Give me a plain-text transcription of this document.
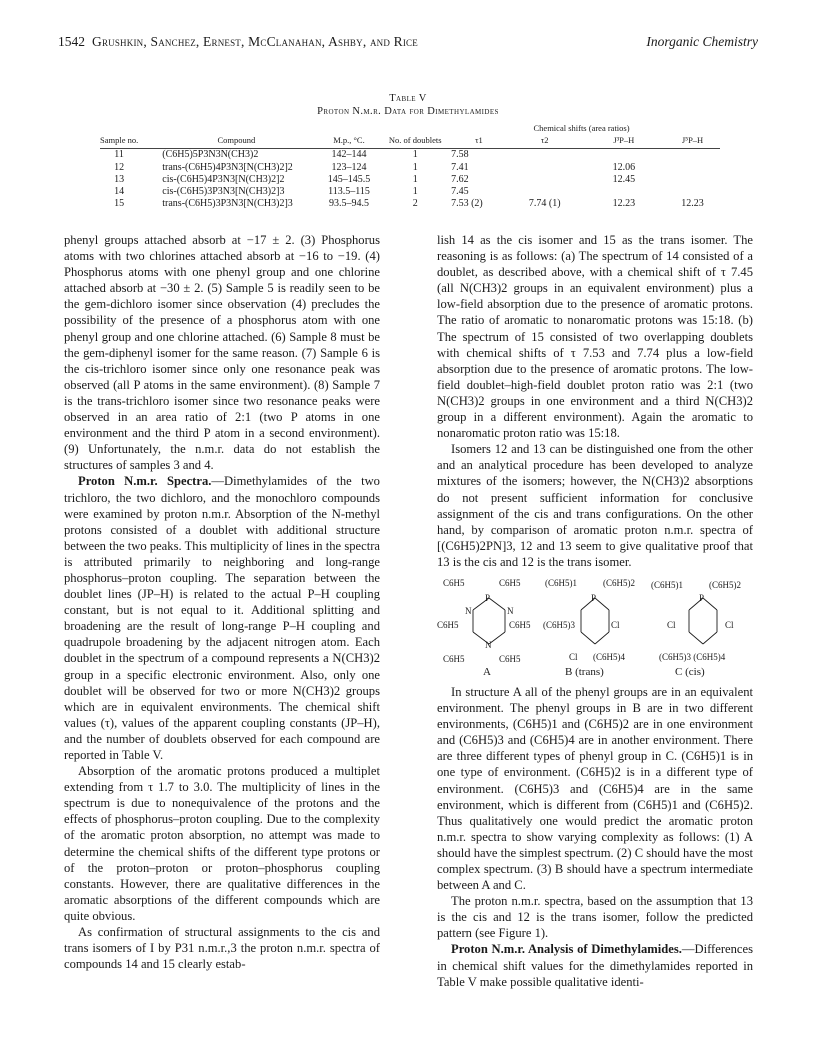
1542 Grushkin, Sanchez, Ernest, McClanahan, Ashby, and Rice	Inorganic Chemistry
Table V
Proton N.m.r. Data for Dimethylamides
Sample no.	Compound	M.p., °C.	No. of doublets	Chemical shifts (area ratios)			
				τ1	τ2	J³P–H	J⁵P–H

11	(C6H5)5P3N3N(CH3)2	142–144	1	7.58			
12	trans-(C6H5)4P3N3[N(CH3)2]2	123–124	1	7.41		12.06	
13	cis-(C6H5)4P3N3[N(CH3)2]2	145–145.5	1	7.62		12.45	
14	cis-(C6H5)3P3N3[N(CH3)2]3	113.5–115	1	7.45			
15	trans-(C6H5)3P3N3[N(CH3)2]3	93.5–94.5	2	7.53 (2)	7.74 (1)	12.23	12.23

phenyl groups attached absorb at −17 ± 2. (3) Phosphorus atoms with two chlorines attached absorb at −16 to −19. (4) Phosphorus atoms with one phenyl group and one chlorine attached absorb at −30 ± 2. (5) Sample 5 is readily seen to be the gem-dichloro isomer since observation (4) precludes the possibility of the presence of a phosphorus atom with one phenyl group and one chlorine attached. (6) Sample 8 must be the gem-diphenyl isomer for the same reason. (7) Sample 6 is the cis-trichloro isomer since only one resonance peak was observed (all P atoms in the same environment). (8) Sample 7 is the trans-trichloro isomer since two resonance peaks were observed in an area ratio of 2:1 (two P atoms in one environment and the third P atom in a second environment). (9) Unfortunately, the n.m.r. data do not establish the structures of samples 3 and 4.

Proton N.m.r. Spectra.—Dimethylamides of the two trichloro, the two dichloro, and the monochloro compounds were examined by proton n.m.r. Absorption of the N-methyl protons consisted of a doublet with additional structure between the two peaks. This multiplicity of lines in the spectra is attributed primarily to neighboring and long-range phosphorus–proton coupling. The separation between the doublet lines (JP–H) is related to the actual P–H coupling constant, but is not equal to it. Additional splitting and broadening are the result of long-range P–H coupling and quadrupole broadening by the adjacent nitrogen atom. Each doublet in the spectrum of a compound represents a N(CH3)2 group in a specific electronic environment. Also, only one doublet will be observed for two or more N(CH3)2 groups which are in equivalent environments. The chemical shift values (τ), values of the apparent coupling constants (JP–H), and the number of doublets observed for each compound are reported in Table V.

Absorption of the aromatic protons produced a multiplet extending from τ 1.7 to 3.0. The multiplicity of lines in the spectrum is due to nonequivalence of the protons and the effects of phosphorus–proton coupling. Due to the complexity of the aromatic proton absorption, no attempt was made to determine the chemical shifts of the different type protons or of the proton–proton or proton–phosphorus coupling constants. However, there are qualitative differences in the aromatic absorptions of the different compounds which are quite obvious.

As confirmation of structural assignments to the cis and trans isomers of I by P31 n.m.r.,3 the proton n.m.r. spectra of compounds 14 and 15 clearly estab-

lish 14 as the cis isomer and 15 as the trans isomer. The reasoning is as follows: (a) The spectrum of 14 consisted of a doublet, as described above, with a chemical shift of τ 7.45 (all N(CH3)2 groups in an equivalent environment) plus a low-field absorption due to the presence of aromatic protons. The ratio of aromatic to nonaromatic protons was 15:18. (b) The spectrum of 15 consisted of two overlapping doublets with chemical shifts of τ 7.53 and 7.74 plus a low-field absorption due to the presence of aromatic protons. The low-field doublet–high-field doublet proton ratio was 2:1 (two N(CH3)2 groups in one environment and a third N(CH3)2 group in a different environment). Again the aromatic to nonaromatic proton ratio was 15:18.

Isomers 12 and 13 can be distinguished one from the other and an analytical procedure has been developed to analyze mixtures of the isomers; however, the N(CH3)2 absorptions do not present sufficient information for conclusive assignment of the cis and trans configurations. On the other hand, by comparison of aromatic proton n.m.r. spectra of [(C6H5)2PN]3, 12 and 13 seem to give qualitative proof that 13 is the cis and 12 is the trans isomer.

C6H5	C6H5
P
N	N
C6H5	C6H5
N
C6H5	C6H5
A
(C6H5)1	(C6H5)2
P
(C6H5)3	Cl
Cl (C6H5)4
B (trans)
(C6H5)1	(C6H5)2
P
Cl	Cl
(C6H5)3 (C6H5)4
C (cis)

In structure A all of the phenyl groups are in an equivalent environment. The phenyl groups in B are in two different environments, (C6H5)1 and (C6H5)2 are in one environment and (C6H5)3 and (C6H5)4 are in another environment. There are three different types of phenyl group in C. (C6H5)1 is in one type of environment. (C6H5)2 is in a different type of environment. (C6H5)3 and (C6H5)4 are in the same environment, which is different from (C6H5)1 and (C6H5)2. Thus qualitatively one would predict the aromatic proton n.m.r. spectra to show varying complexity as follows: (1) A should have the simplest spectrum. (2) C should have the most complex spectrum. (3) B should have a spectrum intermediate between A and C.

The proton n.m.r. spectra, based on the assumption that 13 is the cis and 12 is the trans isomer, follow the predicted pattern (see Figure 1).

Proton N.m.r. Analysis of Dimethylamides.—Differences in chemical shift values for the dimethylamides reported in Table V make possible qualitative identi-
